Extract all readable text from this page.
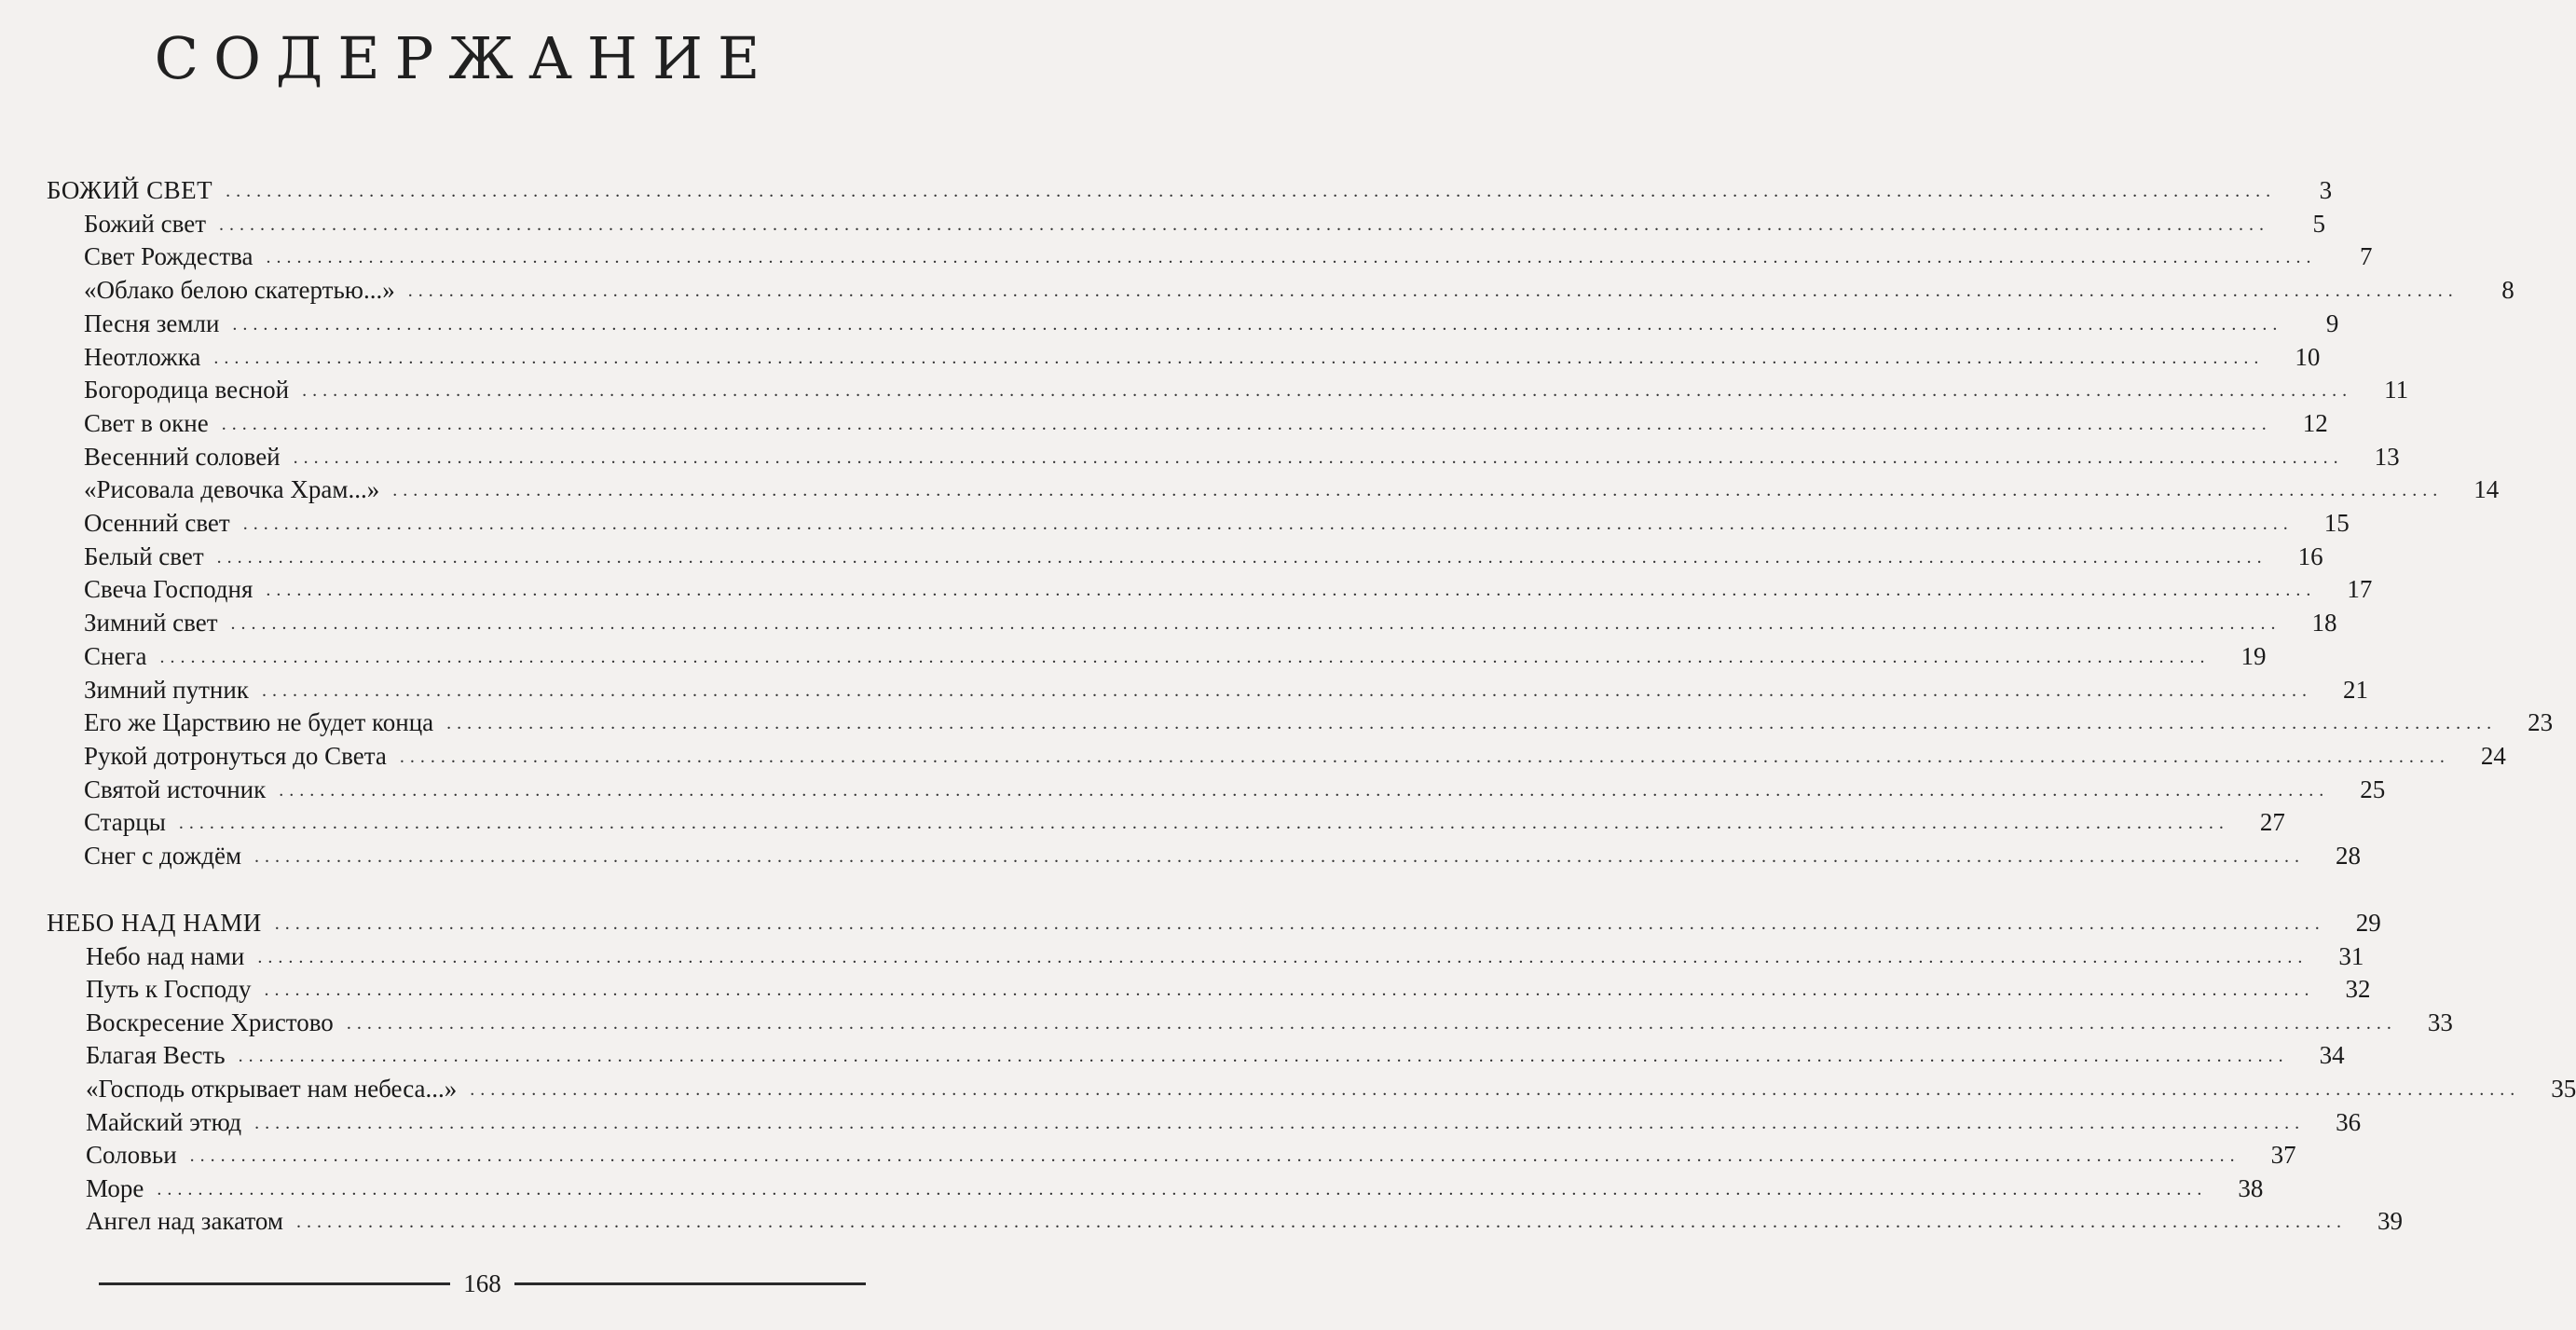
СОДЕРЖАНИЕ
БОЖИЙ СВЕТ ........................................................................................................................................................................................................	3
Божий свет ........................................................................................................................................................................................................	5
Свет Рождества ........................................................................................................................................................................................................	7
«Облако белою скатертью...» ........................................................................................................................................................................................................	8
Песня земли ........................................................................................................................................................................................................	9
Неотложка ........................................................................................................................................................................................................	10
Богородица весной ........................................................................................................................................................................................................	11
Свет в окне ........................................................................................................................................................................................................	12
Весенний соловей ........................................................................................................................................................................................................	13
«Рисовала девочка Храм...» ........................................................................................................................................................................................................	14
Осенний свет ........................................................................................................................................................................................................	15
Белый свет ........................................................................................................................................................................................................	16
Свеча Господня ........................................................................................................................................................................................................	17
Зимний свет ........................................................................................................................................................................................................	18
Снега ........................................................................................................................................................................................................	19
Зимний путник ........................................................................................................................................................................................................	21
Его же Царствию не будет конца ........................................................................................................................................................................................................	23
Рукой дотронуться до Света ........................................................................................................................................................................................................	24
Святой источник ........................................................................................................................................................................................................	25
Старцы ........................................................................................................................................................................................................	27
Снег с дождём ........................................................................................................................................................................................................	28
НЕБО НАД НАМИ ........................................................................................................................................................................................................	29
Небо над нами ........................................................................................................................................................................................................	31
Путь к Господу ........................................................................................................................................................................................................	32
Воскресение Христово ........................................................................................................................................................................................................	33
Благая Весть ........................................................................................................................................................................................................	34
«Господь открывает нам небеса...» ........................................................................................................................................................................................................	35
Майский этюд ........................................................................................................................................................................................................	36
Соловьи ........................................................................................................................................................................................................	37
Море ........................................................................................................................................................................................................	38
Ангел над закатом ........................................................................................................................................................................................................	39
168
